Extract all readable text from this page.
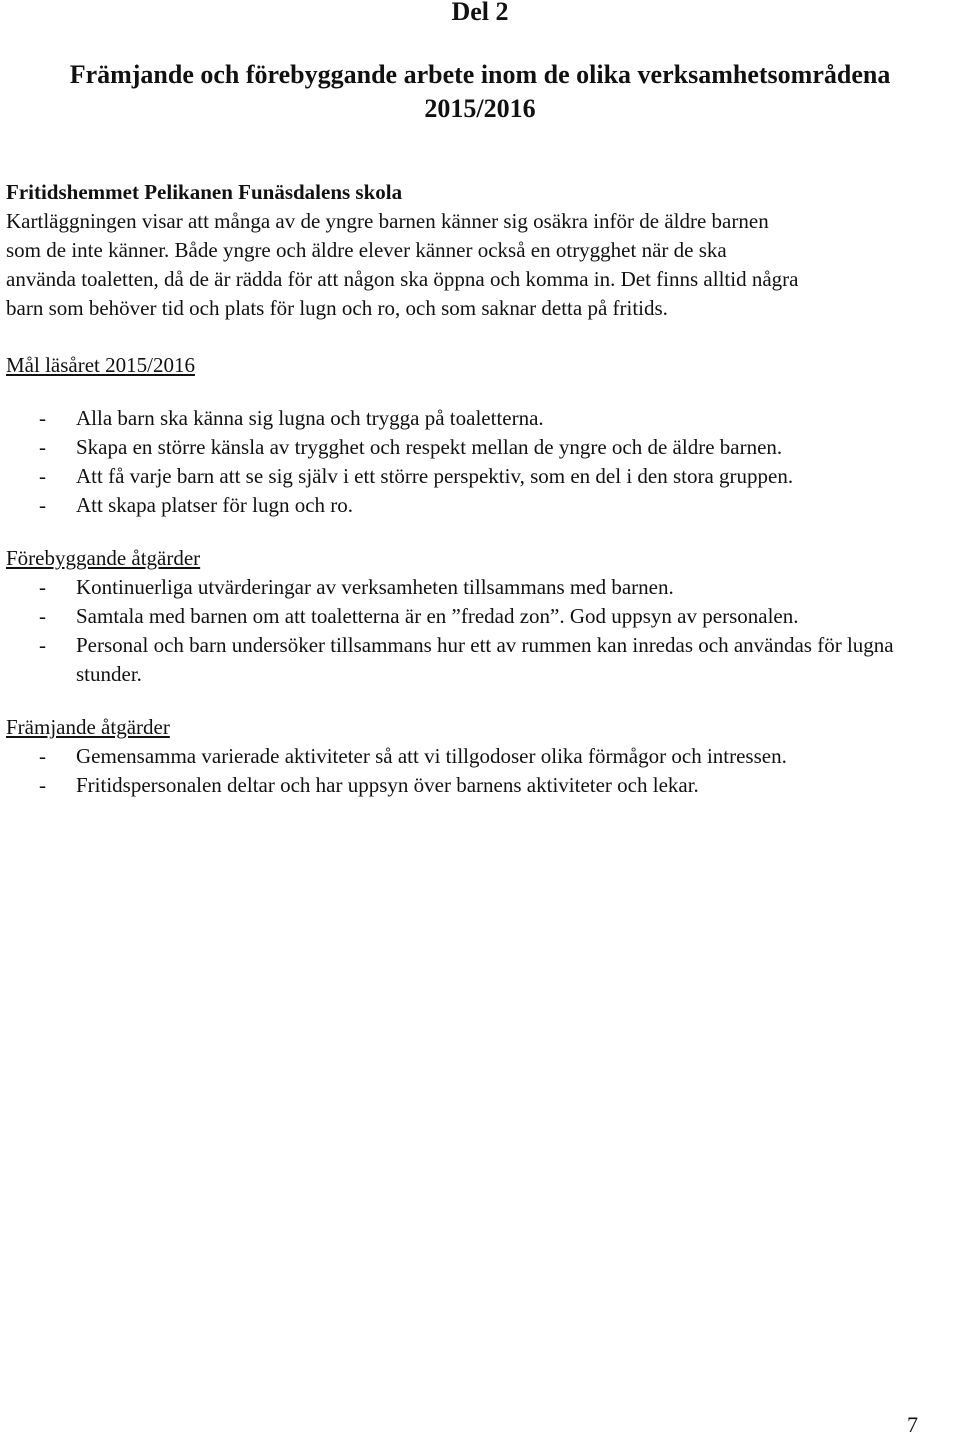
Del 2
Främjande och förebyggande arbete inom de olika verksamhetsområdena
2015/2016

Fritidshemmet Pelikanen Funäsdalens skola

Kartläggningen visar att många av de yngre barnen känner sig osäkra inför de äldre barnen
som de inte känner. Både yngre och äldre elever känner också en otrygghet när de ska
använda toaletten, då de är rädda för att någon ska öppna och komma in. Det finns alltid några
barn som behöver tid och plats för lugn och ro, och som saknar detta på fritids.

Mål läsåret 2015/2016

- Alla barn ska känna sig lugna och trygga på toaletterna.
- Skapa en större känsla av trygghet och respekt mellan de yngre och de äldre barnen.
- Att få varje barn att se sig själv i ett större perspektiv, som en del i den stora gruppen.
- Att skapa platser för lugn och ro.

Förebyggande åtgärder

- Kontinuerliga utvärderingar av verksamheten tillsammans med barnen.
- Samtala med barnen om att toaletterna är en ”fredad zon”. God uppsyn av personalen.
- Personal och barn undersöker tillsammans hur ett av rummen kan inredas och användas för lugna stunder.

Främjande åtgärder

- Gemensamma varierade aktiviteter så att vi tillgodoser olika förmågor och intressen.
- Fritidspersonalen deltar och har uppsyn över barnens aktiviteter och lekar.
7
